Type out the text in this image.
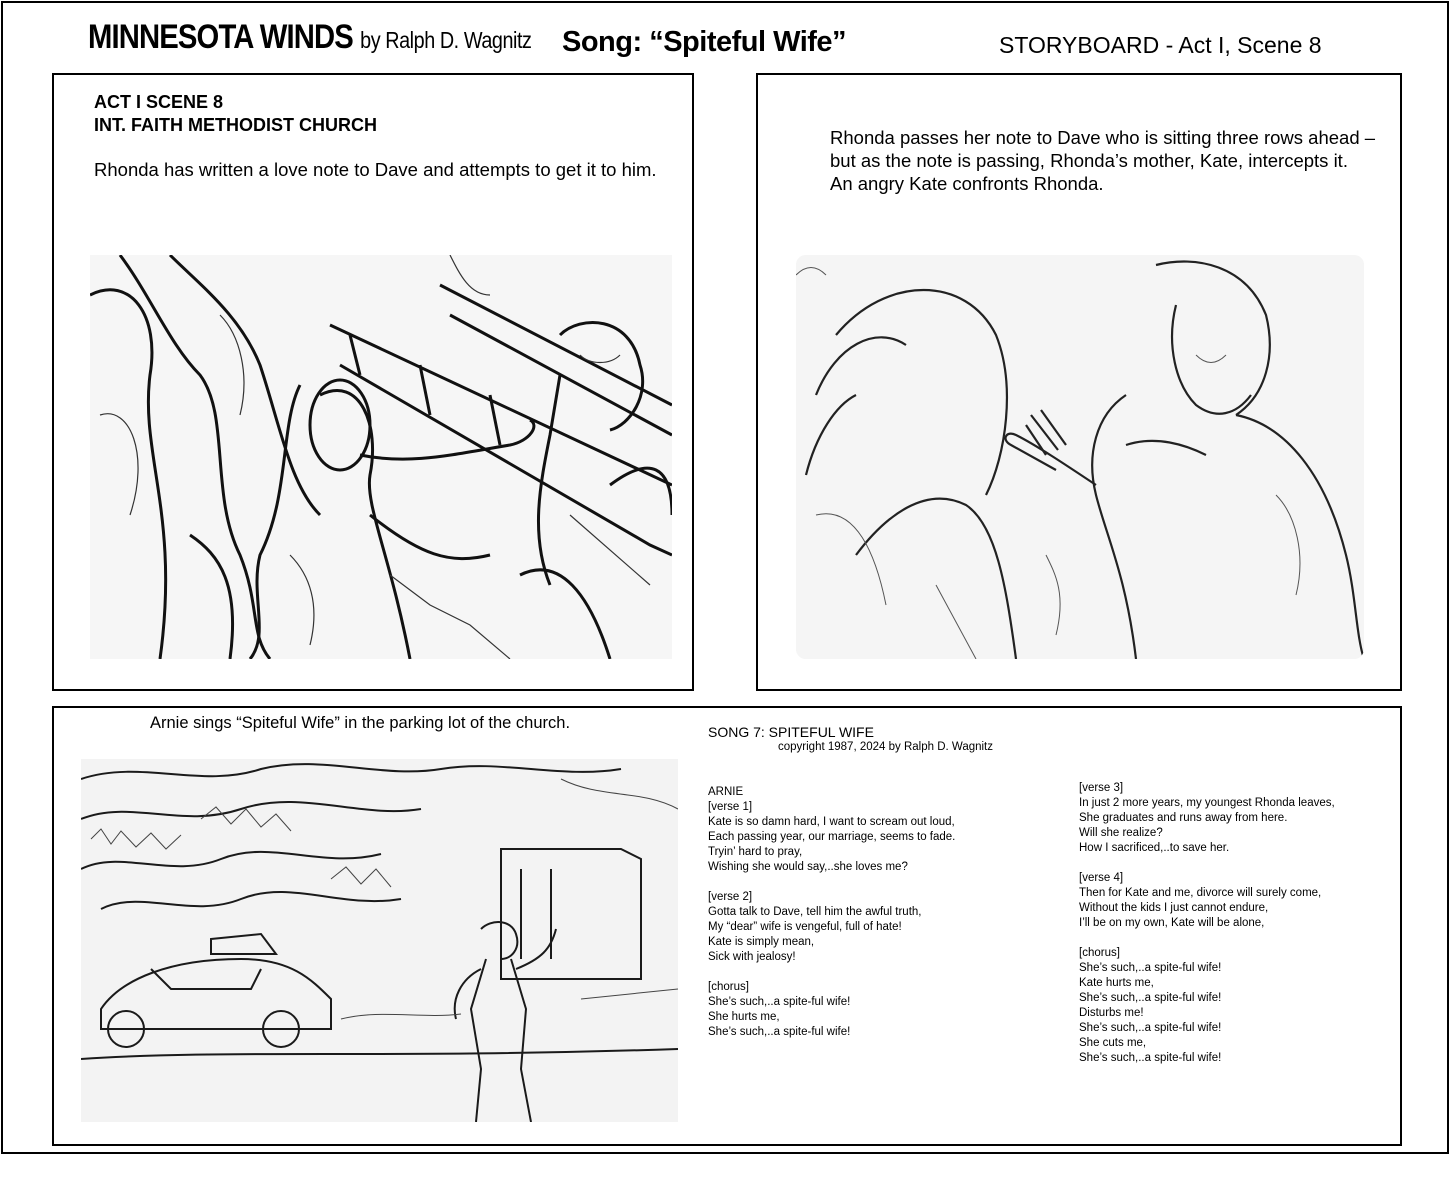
MINNESOTA WINDS by Ralph D. Wagnitz Song: “Spiteful Wife”	STORYBOARD - Act I, Scene 8
ACT I SCENE 8
INT. FAITH METHODIST CHURCH
Rhonda has written a love note to Dave and attempts to get it to him.
Rhonda passes her note to Dave who is sitting three rows ahead –
but as the note is passing, Rhonda’s mother, Kate, intercepts it.
An angry Kate confronts Rhonda.
Arnie sings “Spiteful Wife” in the parking lot of the church.	SONG 7: SPITEFUL WIFE
copyright 1987, 2024 by Ralph D. Wagnitz
ARNIE
[verse 1]
Kate is so damn hard, I want to scream out loud,
Each passing year, our marriage, seems to fade.
Tryin’ hard to pray,
Wishing she would say,..she loves me?

[verse 2]
Gotta talk to Dave, tell him the awful truth,
My “dear” wife is vengeful, full of hate!
Kate is simply mean,
Sick with jealosy!

[chorus]
She’s such,..a spite-ful wife!
She hurts me,
She’s such,..a spite-ful wife!
[verse 3]
In just 2 more years, my youngest Rhonda leaves,
She graduates and runs away from here.
Will she realize?
How I sacrificed,..to save her.

[verse 4]
Then for Kate and me, divorce will surely come,
Without the kids I just cannot endure,
I’ll be on my own, Kate will be alone,

[chorus]
She’s such,..a spite-ful wife!
Kate hurts me,
She’s such,..a spite-ful wife!
Disturbs me!
She’s such,..a spite-ful wife!
She cuts me,
She’s such,..a spite-ful wife!
